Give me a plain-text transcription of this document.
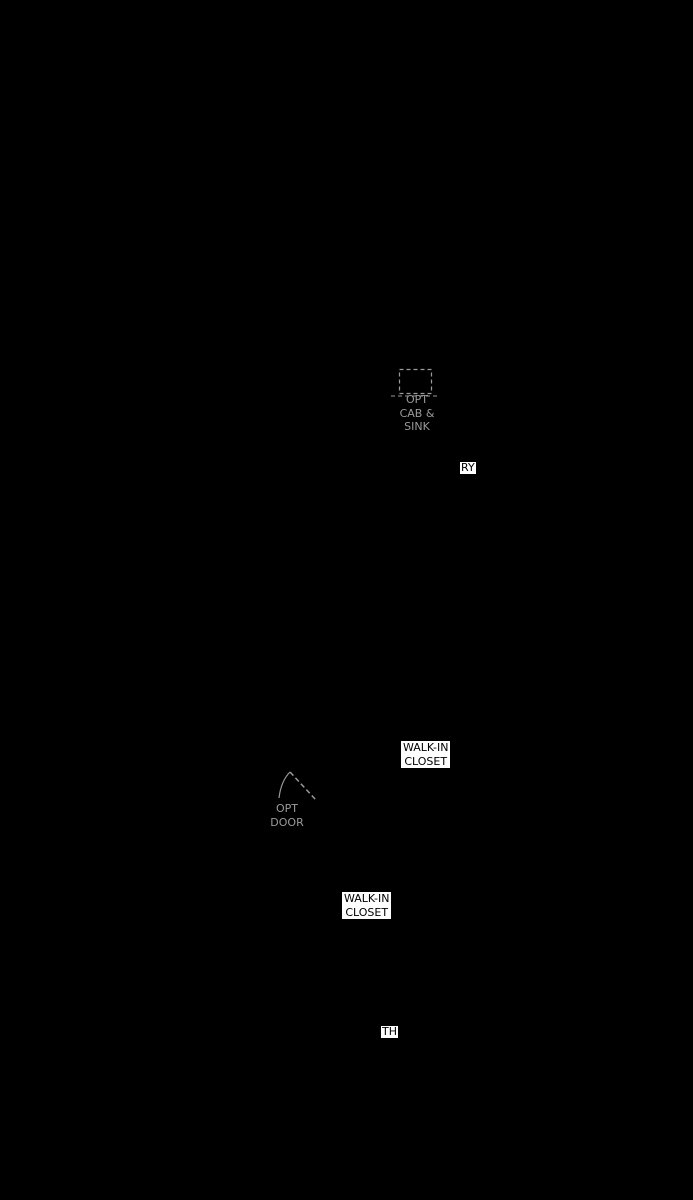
OPT
CAB &
SINK
RY
WALK-IN
CLOSET
OPT
DOOR
WALK-IN
CLOSET
TH
